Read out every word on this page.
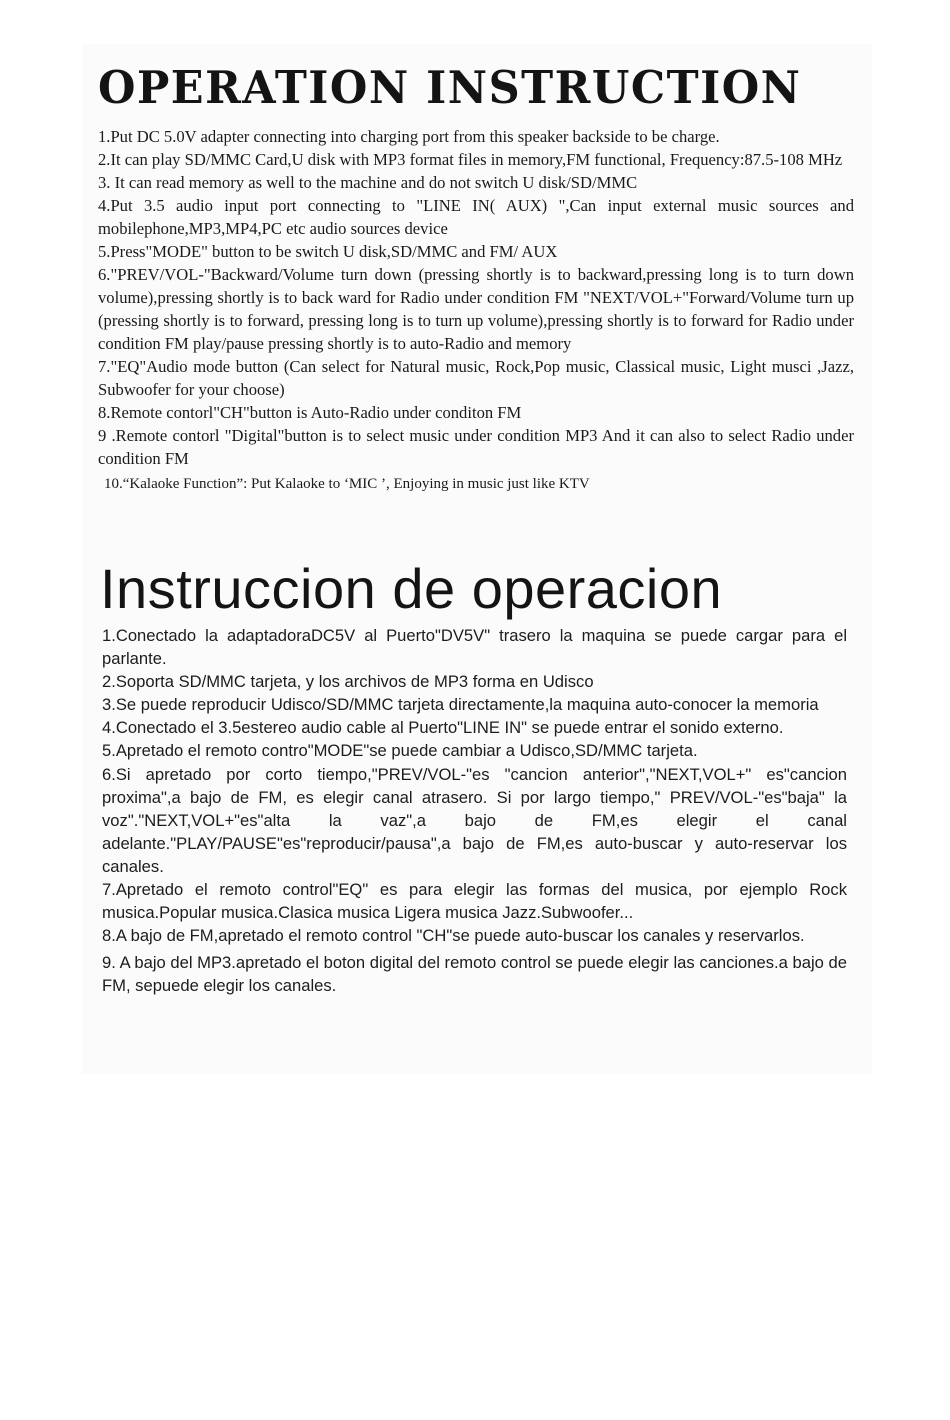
OPERATION INSTRUCTION
1.Put DC 5.0V adapter connecting into charging port from this speaker backside to be charge.
2.It can play SD/MMC Card,U disk with MP3 format files in memory,FM functional, Frequency:87.5-108 MHz
3. It can read memory as well to the machine and do not switch U disk/SD/MMC
4.Put 3.5 audio input port connecting to "LINE IN( AUX) ",Can input external music sources and mobilephone,MP3,MP4,PC etc audio sources device
5.Press"MODE" button to be switch U disk,SD/MMC and FM/ AUX
6."PREV/VOL-"Backward/Volume turn down (pressing shortly is to backward,pressing long is to turn down volume),pressing shortly is to back ward for Radio under condition FM "NEXT/VOL+"Forward/Volume turn up (pressing shortly is to forward, pressing long is to turn up volume),pressing shortly is to forward for Radio under condition FM play/pause pressing shortly is to auto-Radio and memory
7."EQ"Audio mode button (Can select for Natural music, Rock,Pop music, Classical music, Light musci ,Jazz, Subwoofer for your choose)
8.Remote contorl"CH"button is Auto-Radio under conditon FM
9 .Remote contorl "Digital"button is to select music under condition MP3 And it can also to select Radio under condition FM
10.“Kalaoke Function”: Put Kalaoke to ‘MIC ’, Enjoying in music just like KTV
Instruccion de operacion
1.Conectado la adaptadoraDC5V al Puerto"DV5V" trasero la maquina se puede cargar para el parlante.
2.Soporta SD/MMC tarjeta, y los archivos de MP3 forma en Udisco
3.Se puede reproducir Udisco/SD/MMC tarjeta directamente,la maquina auto-conocer la memoria
4.Conectado el 3.5estereo audio cable al Puerto"LINE IN" se puede entrar el sonido externo.
5.Apretado el remoto contro"MODE"se puede cambiar a Udisco,SD/MMC tarjeta.
6.Si apretado por corto tiempo,"PREV/VOL-"es "cancion anterior","NEXT,VOL+" es"cancion proxima",a bajo de FM, es elegir canal atrasero. Si por largo tiempo," PREV/VOL-"es"baja" la voz"."NEXT,VOL+"es"alta la vaz",a bajo de FM,es elegir el canal adelante."PLAY/PAUSE"es"reproducir/pausa",a bajo de FM,es auto-buscar y auto-reservar los canales.
7.Apretado el remoto control"EQ" es para elegir las formas del musica, por ejemplo Rock musica.Popular musica.Clasica musica Ligera musica Jazz.Subwoofer...
8.A bajo de FM,apretado el remoto control "CH"se puede auto-buscar los canales y reservarlos.
9. A bajo del MP3.apretado el boton digital del remoto control se puede elegir las canciones.a bajo de FM, sepuede elegir los canales.
